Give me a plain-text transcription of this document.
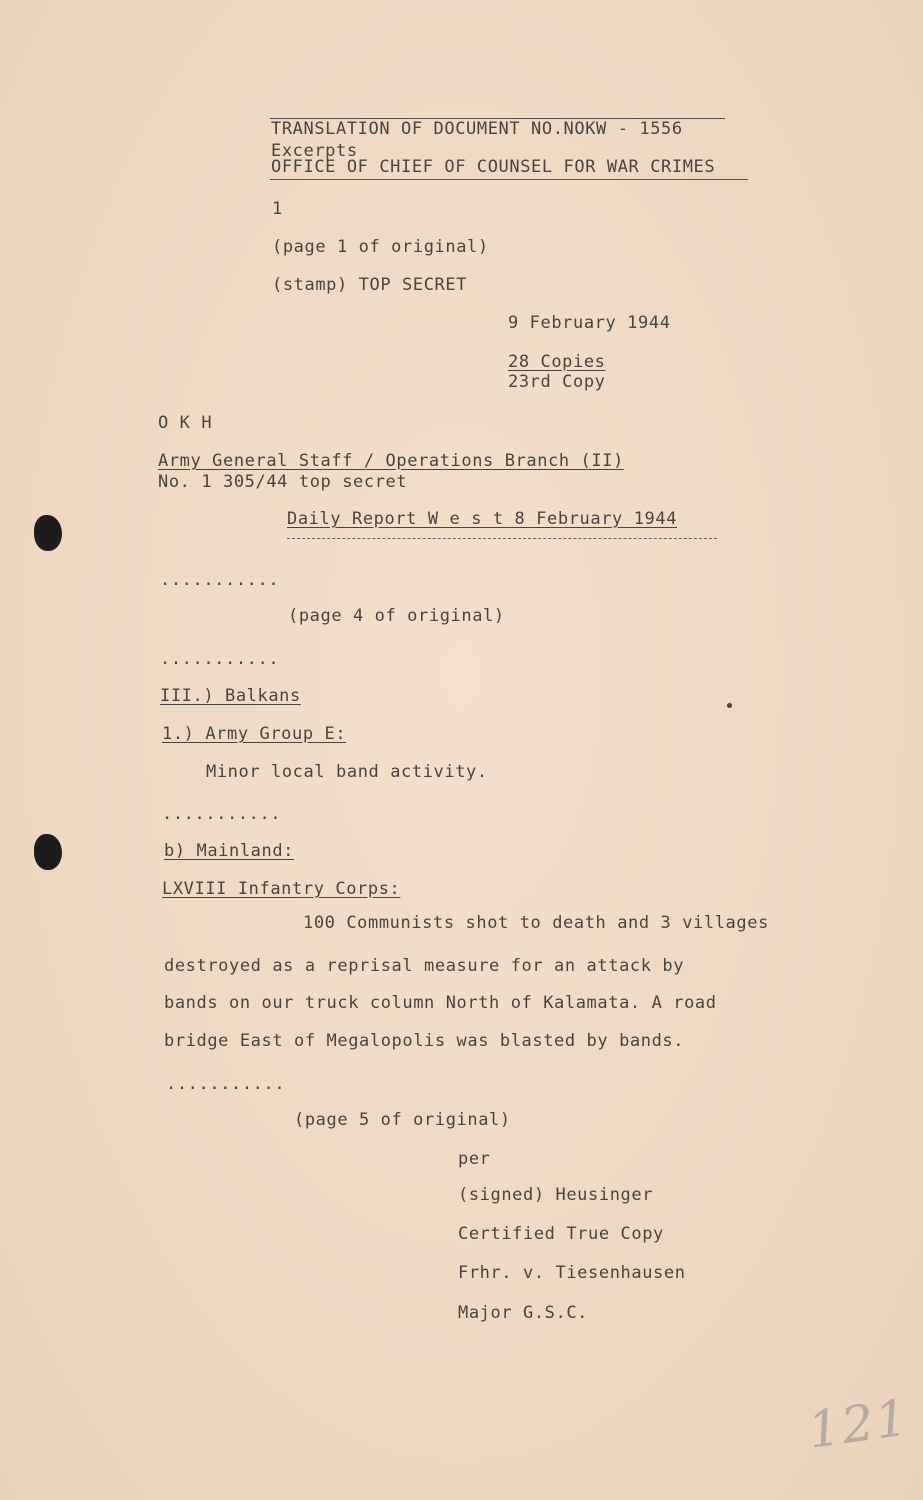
TRANSLATION OF DOCUMENT NO.NOKW - 1556
Excerpts
OFFICE OF CHIEF OF COUNSEL FOR WAR CRIMES
1
(page 1 of original)
(stamp) TOP SECRET
9 February 1944
28 Copies
23rd Copy
O K H
Army General Staff / Operations Branch (II)
No. 1 305/44 top secret
Daily Report W e s t 8 February 1944
...........
(page 4 of original)
...........
III.) Balkans
1.) Army Group E:
Minor local band activity.
...........
b) Mainland:
LXVIII Infantry Corps:
100 Communists shot to death and 3 villages
destroyed as a reprisal measure for an attack by
bands on our truck column North of Kalamata. A road
bridge East of Megalopolis was blasted by bands.
...........
(page 5 of original)
per
(signed) Heusinger
Certified True Copy
Frhr. v. Tiesenhausen
Major G.S.C.
121
